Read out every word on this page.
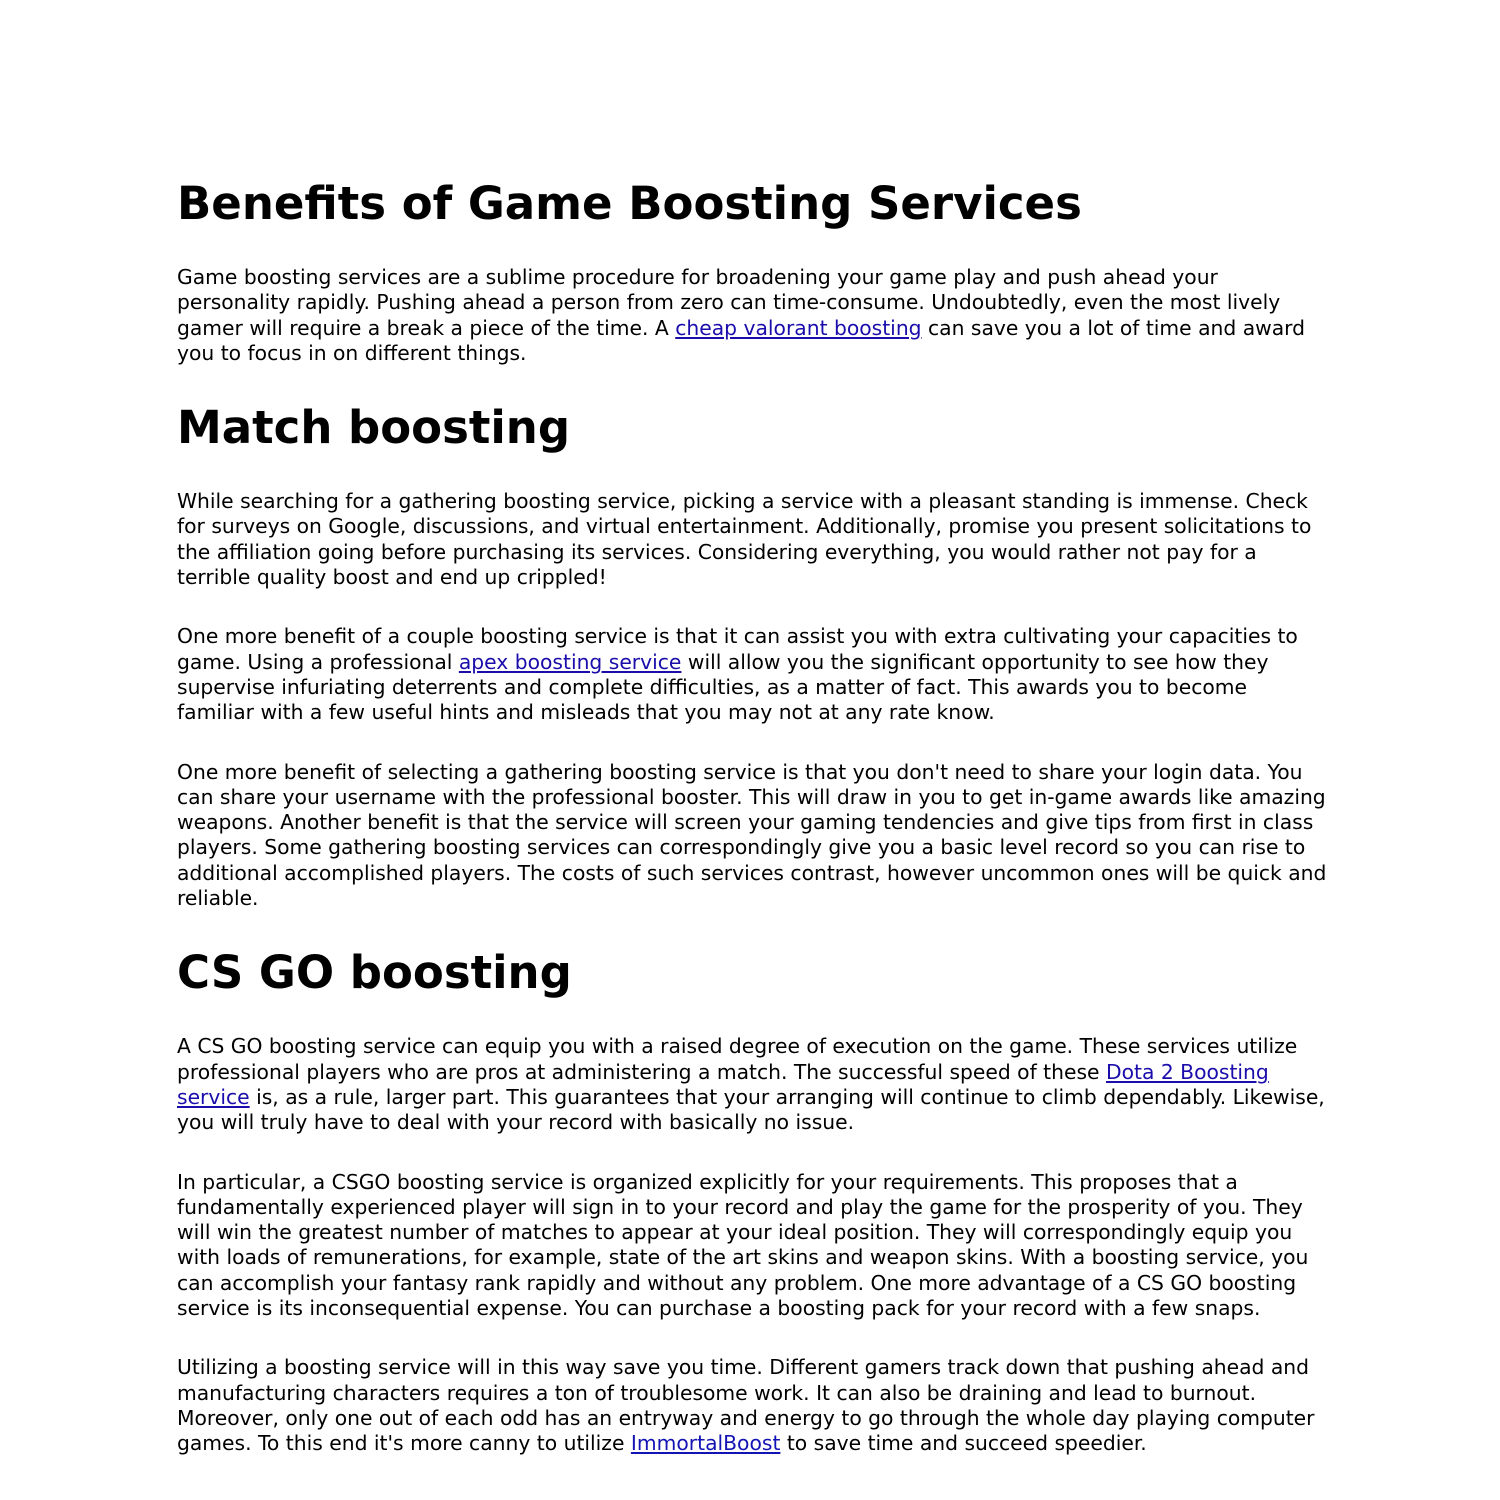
Benefits of Game Boosting Services

Game boosting services are a sublime procedure for broadening your game play and push ahead your personality rapidly. Pushing ahead a person from zero can time-consume. Undoubtedly, even the most lively gamer will require a break a piece of the time. A cheap valorant boosting can save you a lot of time and award you to focus in on different things.

Match boosting

While searching for a gathering boosting service, picking a service with a pleasant standing is immense. Check for surveys on Google, discussions, and virtual entertainment. Additionally, promise you present solicitations to the affiliation going before purchasing its services. Considering everything, you would rather not pay for a terrible quality boost and end up crippled!

One more benefit of a couple boosting service is that it can assist you with extra cultivating your capacities to game. Using a professional apex boosting service will allow you the significant opportunity to see how they supervise infuriating deterrents and complete difficulties, as a matter of fact. This awards you to become familiar with a few useful hints and misleads that you may not at any rate know.

One more benefit of selecting a gathering boosting service is that you don't need to share your login data. You can share your username with the professional booster. This will draw in you to get in-game awards like amazing weapons. Another benefit is that the service will screen your gaming tendencies and give tips from first in class players. Some gathering boosting services can correspondingly give you a basic level record so you can rise to additional accomplished players. The costs of such services contrast, however uncommon ones will be quick and reliable.

CS GO boosting

A CS GO boosting service can equip you with a raised degree of execution on the game. These services utilize professional players who are pros at administering a match. The successful speed of these Dota 2 Boosting service is, as a rule, larger part. This guarantees that your arranging will continue to climb dependably. Likewise, you will truly have to deal with your record with basically no issue.

In particular, a CSGO boosting service is organized explicitly for your requirements. This proposes that a fundamentally experienced player will sign in to your record and play the game for the prosperity of you. They will win the greatest number of matches to appear at your ideal position. They will correspondingly equip you with loads of remunerations, for example, state of the art skins and weapon skins. With a boosting service, you can accomplish your fantasy rank rapidly and without any problem. One more advantage of a CS GO boosting service is its inconsequential expense. You can purchase a boosting pack for your record with a few snaps.

Utilizing a boosting service will in this way save you time. Different gamers track down that pushing ahead and manufacturing characters requires a ton of troublesome work. It can also be draining and lead to burnout. Moreover, only one out of each odd has an entryway and energy to go through the whole day playing computer games. To this end it's more canny to utilize ImmortalBoost to save time and succeed speedier.
